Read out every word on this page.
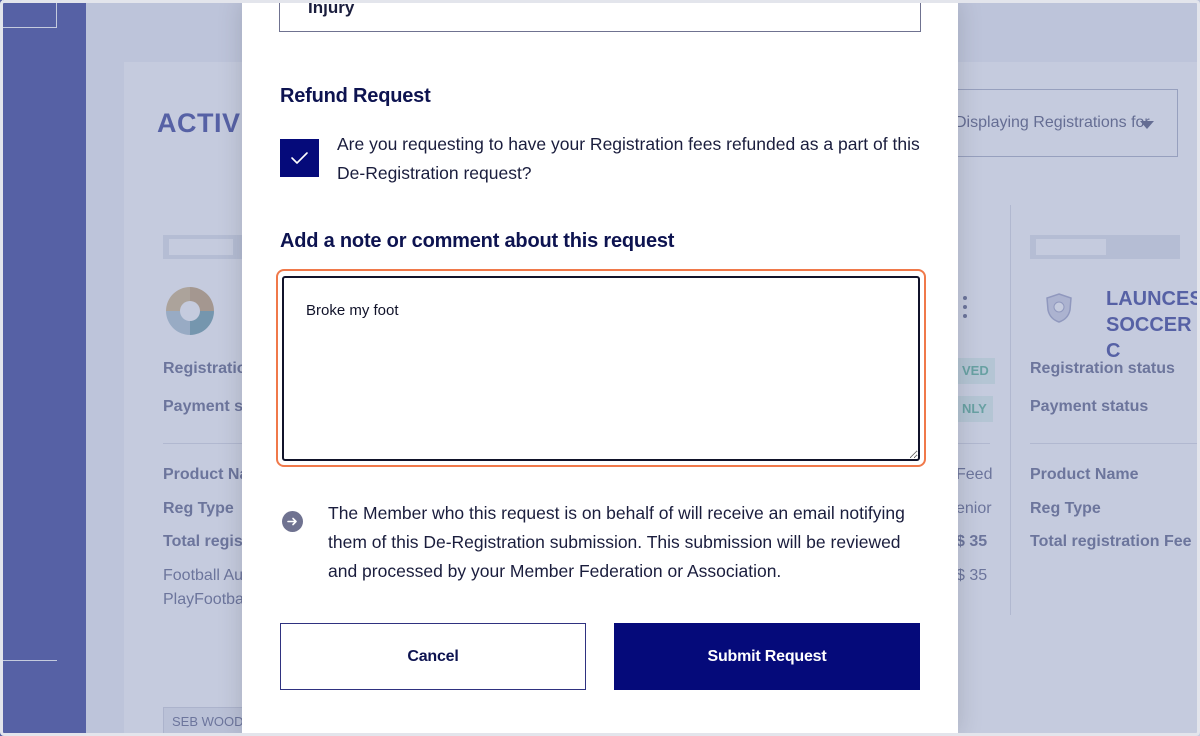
Injury
Refund Request
Are you requesting to have your Registration fees refunded as a part of this De-Registration request?
Add a note or comment about this request
Broke my foot
The Member who this request is on behalf of will receive an email notifying them of this De-Registration submission. This submission will be reviewed and processed by your Member Federation or Association.
Cancel	Submit Request
